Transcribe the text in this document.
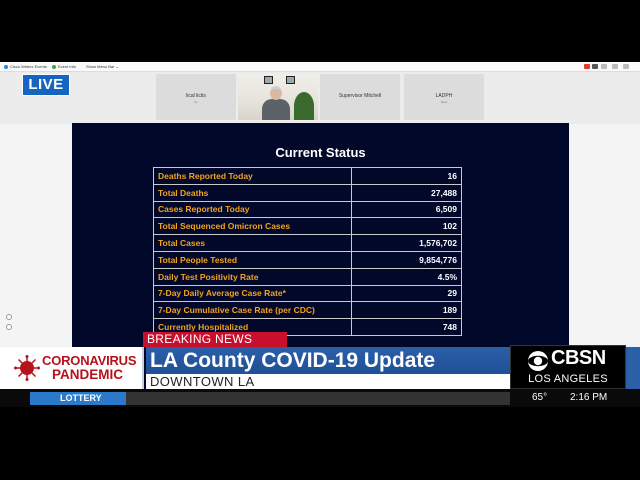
Cisco Webex Events	Event Info Show Menu Bar ⌄
lical lictis
lic
Supervisor Mitchell	LADPH
Spec
LIVE
Current Status
Deaths Reported Today	16
Total Deaths	27,488
Cases Reported Today	6,509
Total Sequenced Omicron Cases	102
Total Cases	1,576,702
Total People Tested	9,854,776
Daily Test Positivity Rate	4.5%
7-Day Daily Average Case Rate*	29
7-Day Cumulative Case Rate (per CDC)	189
Currently Hospitalized	748
BREAKING NEWS
CORONAVIRUS
PANDEMIC
LA County COVID-19 Update
DOWNTOWN LA
CBSN
LOS ANGELES
LOTTERY	65° 2:16 PM
